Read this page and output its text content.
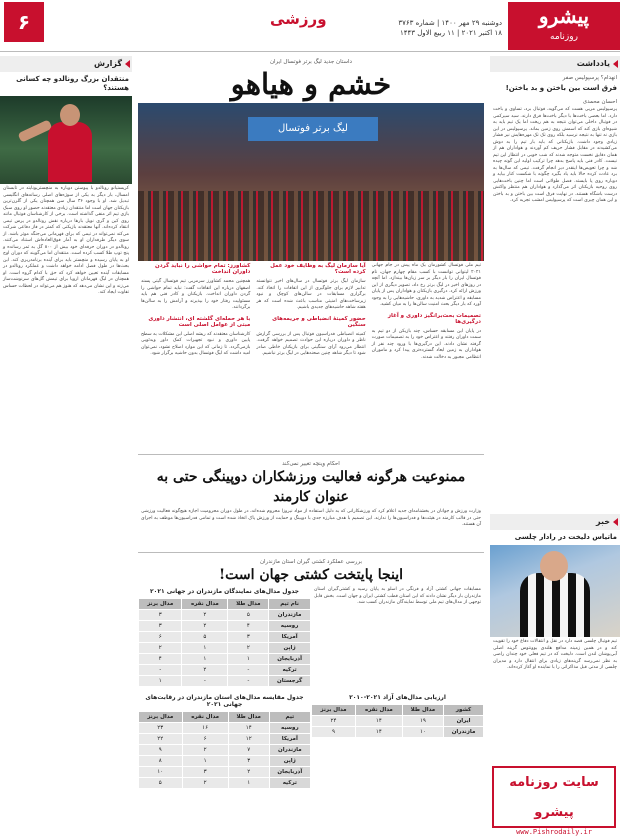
پیشرو
روزنامه
دوشنبه ۲۹ مهر ۱۴۰۰ | شماره ۳۷۶۳
۱۸ اکتبر ۲۰۲۱ | ۱۱ ربیع الاول ۱۴۴۳
ورزشی
۶
یادداشت
انهدام؟ پرسپولیس صفر
فرق است بین باختن و بد باختن!
احسان محمدی
پرسپولیس مربی هست که می‌گوید، فوتبال برد، تساوی و باخت دارد. اما بعضی باخت‌ها با دیگر باخت‌ها فرق دارند. سید سیرکمی در فوتبال داخلی می‌توان نتیجه به هم ریخت اما یک تیم باید به شیوه‌ای بازی کند که اسمش روی زمین بماند. پرسپولیس در این بازی نه تنها به نتیجه نرسید بلکه روی تک تک مهره‌هایش نیز فشار زیادی وجود داشت. بازیکنانی که باید بار تیم را به دوش می‌کشیدند در مقابل فشار حریف کم آوردند و هواداران هم از همان دقایق نخست متوجه شدند که شب خوبی در انتظار این تیم نیست. کادر فنی باید پاسخ بدهد چرا ترکیب اولیه این گونه چیده شد و چرا تعویض‌ها اینقدر دیر انجام گرفت. تیمی که سال‌ها به برد عادت کرده حالا باید یاد بگیرد چگونه با شکست کنار بیاید و دوباره روی پا بایستد. فصل طولانی است اما چنین باخت‌هایی روی روحیه بازیکنان اثر می‌گذارد و هواداران هم منتظر واکنش درست باشگاه هستند. در نهایت فرق است بین باختن و بد باختن و این همان چیزی است که پرسپولیس امشب تجربه کرد.
خبر
ماتیاس دلیخت در رادار چلسی
تیم فوتبال چلسی قصد دارد در نقل و انتقالات دفاع خود را تقویت کند و در همین زمینه مدافع هلندی یوونتوس گزینه اصلی آبی‌پوشان لندن است. دلیخت که در تیم فعلی خود چندان راضی به نظر نمی‌رسد گزینه‌های زیادی برای انتقال دارد و مدیران چلسی از مدتی قبل مذاکراتی را با نماینده او آغاز کرده‌اند.
سایت روزنامه پیشرو
www.Pishrodaily.ir
داستان جدید لیگ برتر فوتسال ایران
خشم و هیاهو
لیگ برتر فوتسال
تیم ملی فوتسال کشورمان یک ماه پیش در جام جهانی ۲۰۲۱ لیتوانی توانست با کسب مقام چهارم جهان، نام فوتسال ایران را بار دیگر بر سر زبان‌ها بیندازد. اما آنچه در روزهای اخیر در لیگ برتر رخ داد، تصویر دیگری از این ورزش ارائه کرد. درگیری بازیکنان و هواداران پس از پایان مسابقه و اعتراض شدید به داوری، حاشیه‌هایی را به وجود آورد که بار دیگر بحث امنیت سالن‌ها را به میان کشید.
تصمیمات بحث‌برانگیز داوری و آغاز درگیری‌ها
در پایان این مسابقه حساس، چند بازیکن از دو تیم به سمت داوران رفتند و اعتراض خود را به تصمیمات صورت گرفته نشان دادند. این درگیری‌ها با ورود چند نفر از هواداران به زمین ابعاد گسترده‌تری پیدا کرد و ماموران انتظامی مجبور به دخالت شدند.
آیا سازمان لیگ به وظایف خود عمل کرده است؟
سازمان لیگ برتر فوتسال در سال‌های اخیر نتوانسته تدابیر لازم برای جلوگیری از این اتفاقات را اتخاذ کند. برگزاری مسابقات در سالن‌های کوچک و نبود زیرساخت‌های امنیتی مناسب باعث شده است که هر هفته شاهد حاشیه‌های جدیدی باشیم.
حضور کمیتهٔ انضباطی و جریمه‌های سنگین
کمیته انضباطی فدراسیون فوتبال پس از بررسی گزارش ناظر و داوران درباره این حوادث تصمیم خواهد گرفت. انتظار می‌رود آرای سنگینی برای بازیکنان خاطی صادر شود تا دیگر شاهد چنین صحنه‌هایی در لیگ برتر نباشیم.
کشاورز: تمام حواشی را نباید گردن داوران انداخت
همچنین محمد کشاورز سرمربی تیم فوتسال گیتی پسند اصفهان درباره این اتفاقات گفت: نباید تمام حواشی را گردن داوران انداخت. بازیکنان و کادر فنی هم باید مسئولیت رفتار خود را بپذیرند و آرامش را به سالن‌ها برگردانند.
با هر حمله‌ای گلشته ای، انتشار داوری مبتی از عوامل اصلی است
کارشناسان معتقدند که ریشه اصلی این مشکلات به سطح پایین داوری و نبود تجهیزات کمک داور ویدئویی بازمی‌گردد. تا زمانی که این موارد اصلاح نشود، نمی‌توان امید داشت که لیگ فوتسال بدون حاشیه برگزار شود.
احکام وینچه تغییر نمی‌کند
ممنوعیت هرگونه فعالیت ورزشکاران دوپینگی حتی به عنوان کارمند
وزارت ورزش و جوانان در بخشنامه‌ای جدید اعلام کرد که ورزشکارانی که به دلیل استفاده از مواد نیروزا محروم شده‌اند، در طول دوران محرومیت اجازه هیچ‌گونه فعالیت ورزشی حتی در قالب کارمند در هیئت‌ها و فدراسیون‌ها را ندارند. این تصمیم با هدف مبارزه جدی با دوپینگ و حمایت از ورزش پاک اتخاذ شده است و تمامی فدراسیون‌ها موظف به اجرای آن هستند.
بررسی عملکرد کشتی گیران استان مازندران
اینجا پایتخت کشتی جهان است!
مسابقات جهانی کشتی آزاد و فرنگی در اسلو به پایان رسید و کشتی‌گیران استان مازندران بار دیگر نشان دادند که این استان قطب کشتی ایران و جهان است. بخش قابل توجهی از مدال‌های تیم ملی توسط نمایندگان مازندران کسب شد.
جدول مدال‌های نمایندگان مازندران در جهانی ۲۰۲۱
نام تیم	مدال طلا	مدال نقره	مدال برنز
مازندران	۵	۲	۳
روسیه	۴	۲	۳
آمریکا	۳	۵	۶
ژاپن	۲	۱	۲
آذربایجان	۱	۱	۴
ترکیه	-	۲	-
گرجستان	-	-	۱
ارزیابی مدال‌های آزاد ۲۰۲۱-۲۰۱۰
کشور	مدال طلا	مدال نقره	مدال برنز
ایران	۱۹	۱۴	۲۴
مازندران	۱۰	۱۴	۹
جدول مقایسه مدال‌های استان مازندران در رقابت‌های جهانی ۲۰۲۱
تیم	مدال طلا	مدال نقره	مدال برنز
روسیه	۱۴	۱۶	۲۳
آمریکا	۱۲	۶	۲۲
مازندران	۷	۲	۹
ژاپن	۳	۱	۸
آذربایجان	۲	۳	۱۰
ترکیه	۱	۲	۵
گزارش
منتقدان بزرگ رونالدو چه کسانی هستند؟
کریستیانو رونالدو با پیوستن دوباره به منچستریونایتد در تابستان امسال، بار دیگر به یکی از سوژه‌های اصلی رسانه‌های انگلیسی تبدیل شد. او با وجود ۳۶ سال سن همچنان یکی از گلزن‌ترین بازیکنان جهان است اما منتقدان زیادی معتقدند حضور او روی سبک بازی تیم اثر منفی گذاشته است. برخی از کارشناسان فوتبال مانند روی کین و گری نویل بارها درباره نقش رونالدو در پرس تیمی انتقاد کرده‌اند. آنها معتقدند بازیکنی که کمتر در فاز دفاعی شرکت می‌کند نمی‌تواند در تیمی که برای قهرمانی می‌جنگد موثر باشد. از سوی دیگر طرفداران او به آمار فوق‌العاده‌اش استناد می‌کنند. رونالدو در دوران حرفه‌ای خود بیش از ۸۰۰ گل به ثمر رسانده و پنج توپ طلا کسب کرده است. منتقدان اما می‌گویند که دوران اوج او به پایان رسیده و منچستر باید برای آینده برنامه‌ریزی کند. این بحث‌ها در طول فصل ادامه خواهد داشت و عملکرد رونالدو در مسابقات آینده تعیین خواهد کرد که حق با کدام گروه است. او همچنان در لیگ قهرمانان اروپا برای تیمش گل‌های سرنوشت‌ساز می‌زند و این نشان می‌دهد که هنوز هم می‌تواند در لحظات حساس تفاوت ایجاد کند.
